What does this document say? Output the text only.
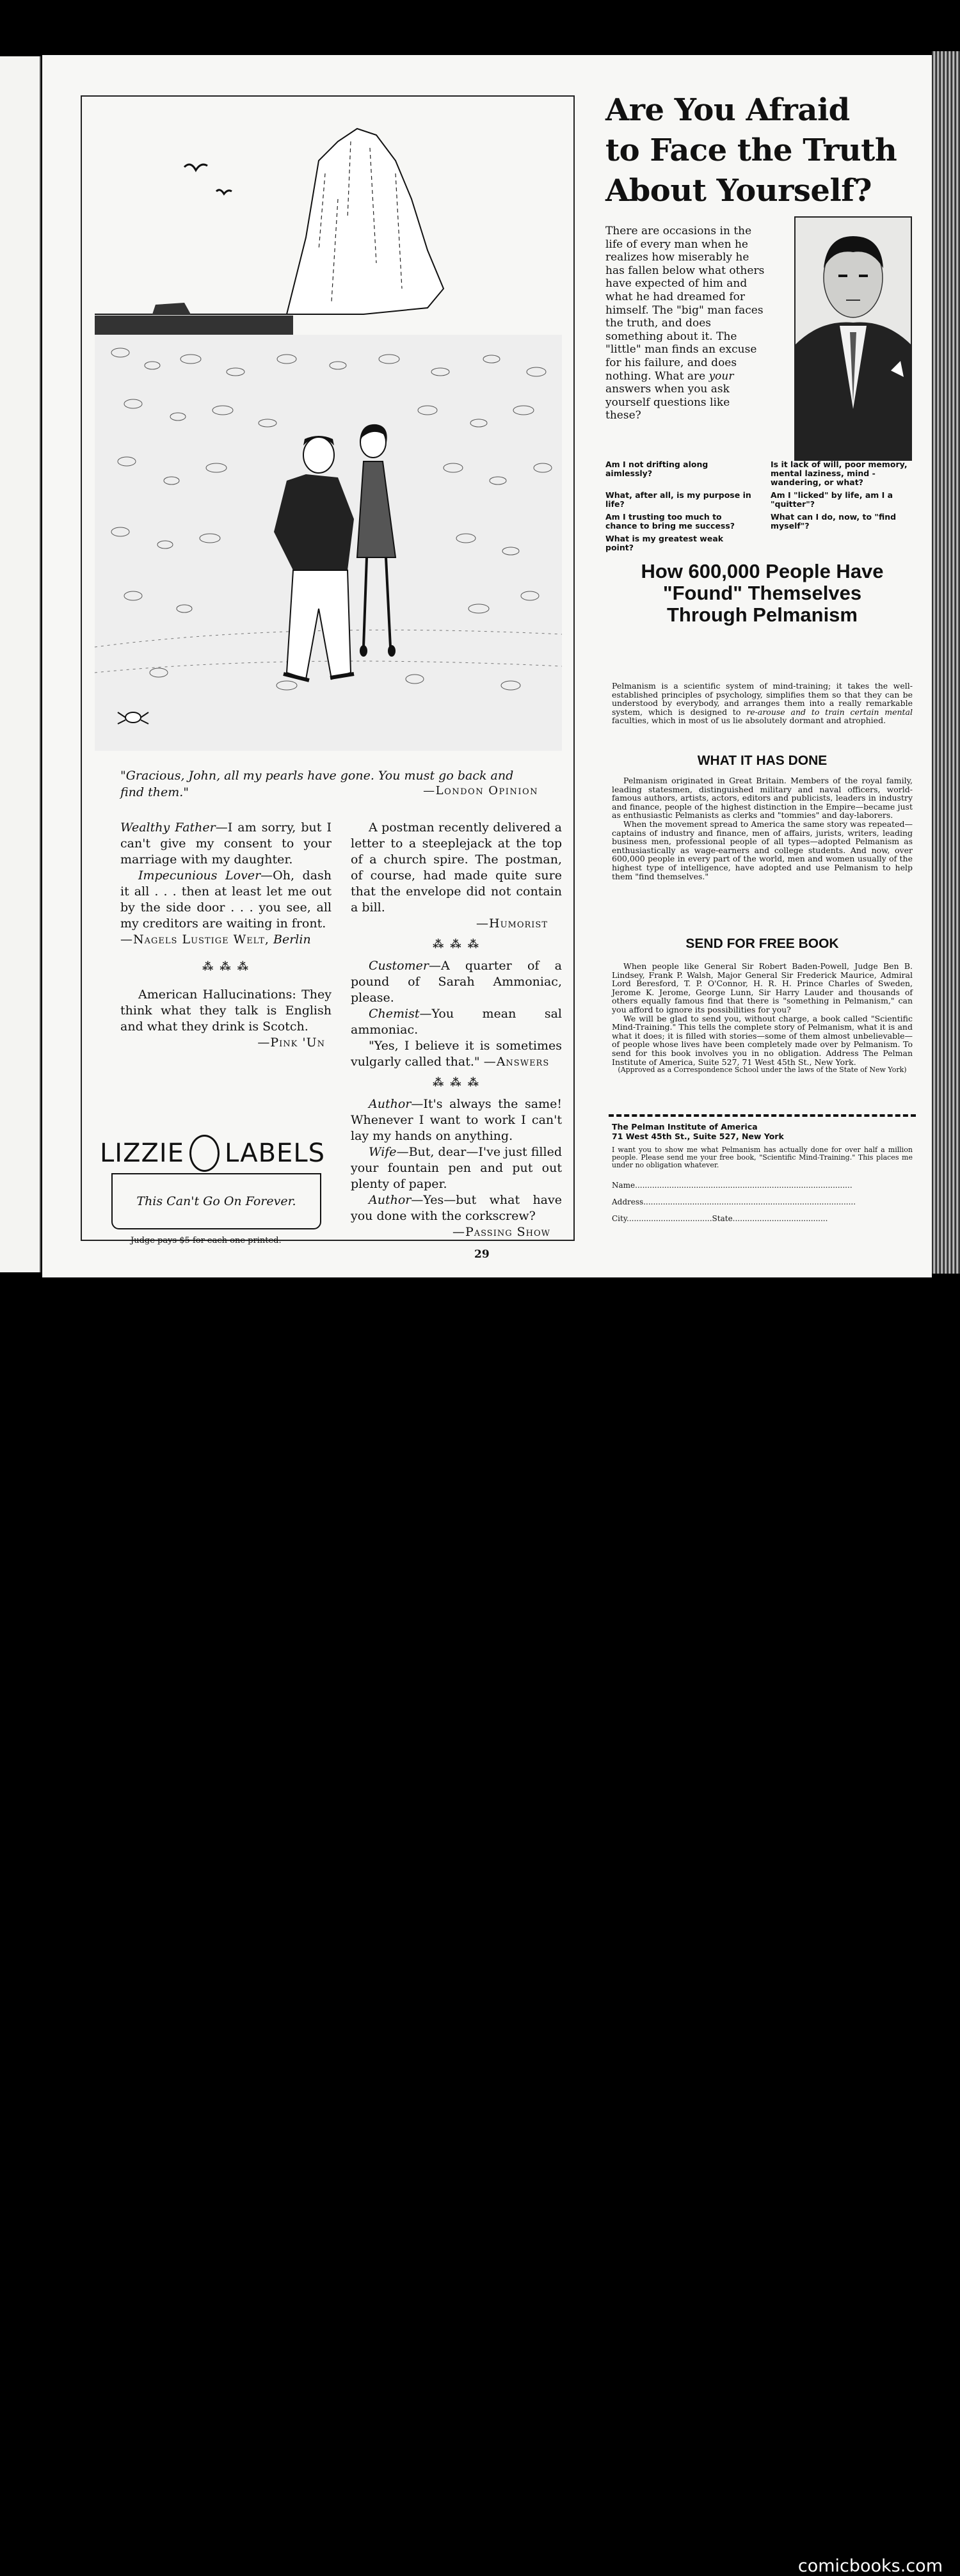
comicbooks.com
"Gracious, John, all my pearls have gone. You must go back and find them."	—London Opinion

Wealthy Father—I am sorry, but I can't give my consent to your marriage with my daughter.

Impecunious Lover—Oh, dash it all . . . then at least let me out by the side door . . . you see, all my creditors are waiting in front.

—Nagels Lustige Welt, Berlin

⁂ ⁂ ⁂

American Hallucinations: They think what they talk is English and what they drink is Scotch.

—Pink 'Un

A postman recently delivered a letter to a steeplejack at the top of a church spire. The postman, of course, had made quite sure that the envelope did not contain a bill.

—Humorist

⁂ ⁂ ⁂

Customer—A quarter of a pound of Sarah Ammoniac, please.

Chemist—You mean sal ammoniac.

"Yes, I believe it is sometimes vulgarly called that." —Answers

⁂ ⁂ ⁂

Author—It's always the same! Whenever I want to work I can't lay my hands on anything.

Wife—But, dear—I've just filled your fountain pen and put out plenty of paper.

Author—Yes—but what have you done with the corkscrew?

—Passing Show

LIZZIE LABELS
This Can't Go On Forever.
Judge pays $5 for each one printed.
Are You Afraid
to Face the Truth
About Yourself?

There are occasions in the life of every man when he realizes how miserably he has fallen below what others have expected of him and what he had dreamed for himself. The "big" man faces the truth, and does something about it. The "little" man finds an excuse for his failure, and does nothing. What are your answers when you ask yourself questions like these?

Am I not drifting along aimlessly?

Is it lack of will, poor memory, mental laziness, mind - wandering, or what?

What, after all, is my purpose in life?

Am I "licked" by life, am I a "quitter"?

Am I trusting too much to chance to bring me success?

What can I do, now, to "find myself"?

What is my greatest weak point?

How 600,000 People Have
"Found" Themselves
Through Pelmanism

Pelmanism is a scientific system of mind-training; it takes the well-established principles of psychology, simplifies them so that they can be understood by everybody, and arranges them into a really remarkable system, which is designed to re-arouse and to train certain mental faculties, which in most of us lie absolutely dormant and atrophied.

WHAT IT HAS DONE

Pelmanism originated in Great Britain. Members of the royal family, leading statesmen, distinguished military and naval officers, world-famous authors, artists, actors, editors and publicists, leaders in industry and finance, people of the highest distinction in the Empire—became just as enthusiastic Pelmanists as clerks and "tommies" and day-laborers.

When the movement spread to America the same story was repeated—captains of industry and finance, men of affairs, jurists, writers, leading business men, professional people of all types—adopted Pelmanism as enthusiastically as wage-earners and college students. And now, over 600,000 people in every part of the world, men and women usually of the highest type of intelligence, have adopted and use Pelmanism to help them "find themselves."

SEND FOR FREE BOOK

When people like General Sir Robert Baden-Powell, Judge Ben B. Lindsey, Frank P. Walsh, Major General Sir Frederick Maurice, Admiral Lord Beresford, T. P. O'Connor, H. R. H. Prince Charles of Sweden, Jerome K. Jerome, George Lunn, Sir Harry Lauder and thousands of others equally famous find that there is "something in Pelmanism," can you afford to ignore its possibilities for you?

We will be glad to send you, without charge, a book called "Scientific Mind-Training." This tells the complete story of Pelmanism, what it is and what it does; it is filled with stories—some of them almost unbelievable—of people whose lives have been completely made over by Pelmanism. To send for this book involves you in no obligation. Address The Pelman Institute of America, Suite 527, 71 West 45th St., New York.

(Approved as a Correspondence School under the laws of the State of New York)

The Pelman Institute of America
71 West 45th St., Suite 527, New York

I want you to show me what Pelmanism has actually done for over half a million people. Please send me your free book, "Scientific Mind-Training." This places me under no obligation whatever.

Name.........................................................................................
Address.......................................................................................
City...................................State.......................................
29
